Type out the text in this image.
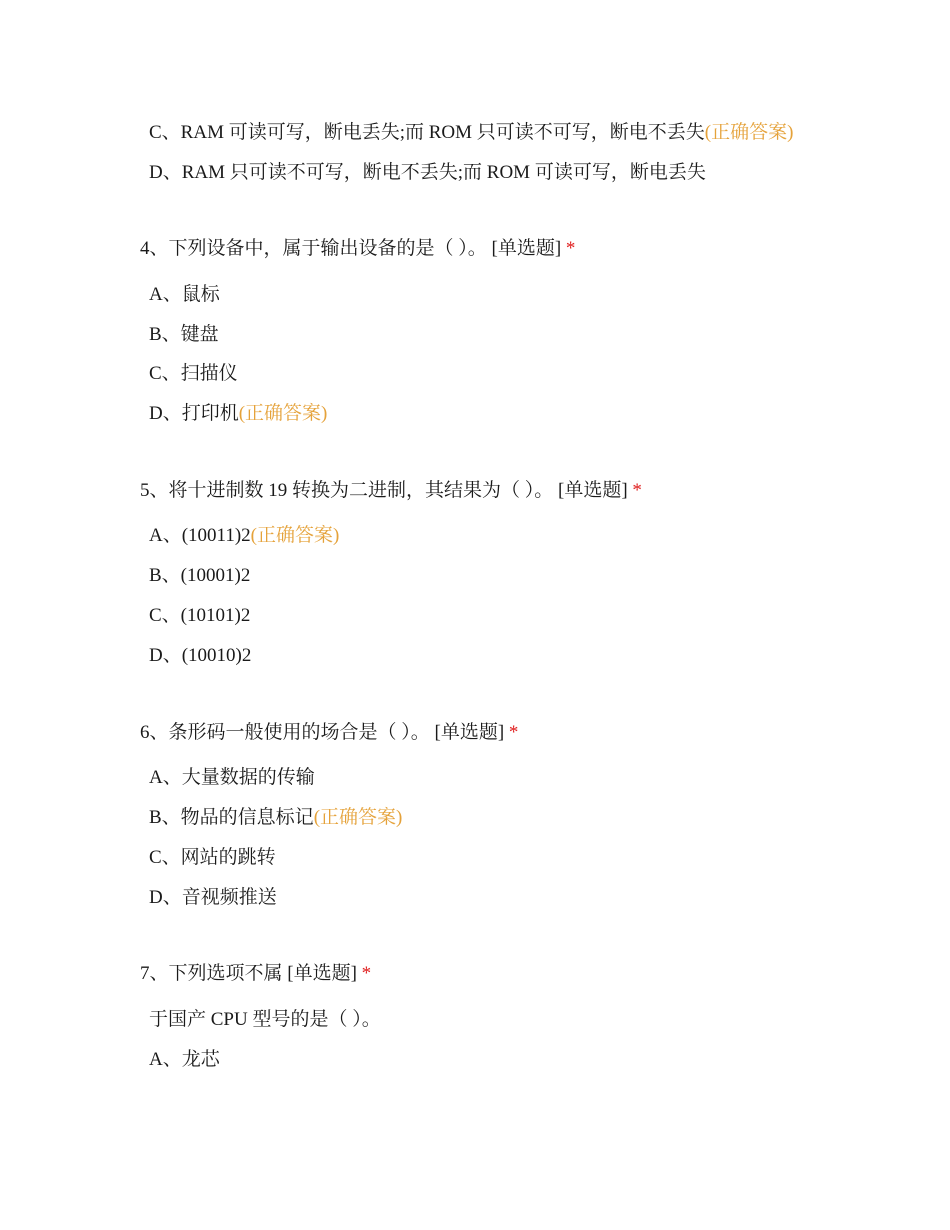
C、RAM 可读可写，断电丢失;而 ROM 只可读不可写，断电不丢失(正确答案)
D、RAM 只可读不可写，断电不丢失;而 ROM 可读可写，断电丢失
4、下列设备中，属于输出设备的是（ ）。 [单选题] *
A、鼠标
B、键盘
C、扫描仪
D、打印机(正确答案)
5、将十进制数 19 转换为二进制，其结果为（ ）。 [单选题] *
A、(10011)2(正确答案)
B、(10001)2
C、(10101)2
D、(10010)2
6、条形码一般使用的场合是（ ）。 [单选题] *
A、大量数据的传输
B、物品的信息标记(正确答案)
C、网站的跳转
D、音视频推送
7、下列选项不属 [单选题] *
于国产 CPU 型号的是（ ）。
A、龙芯
